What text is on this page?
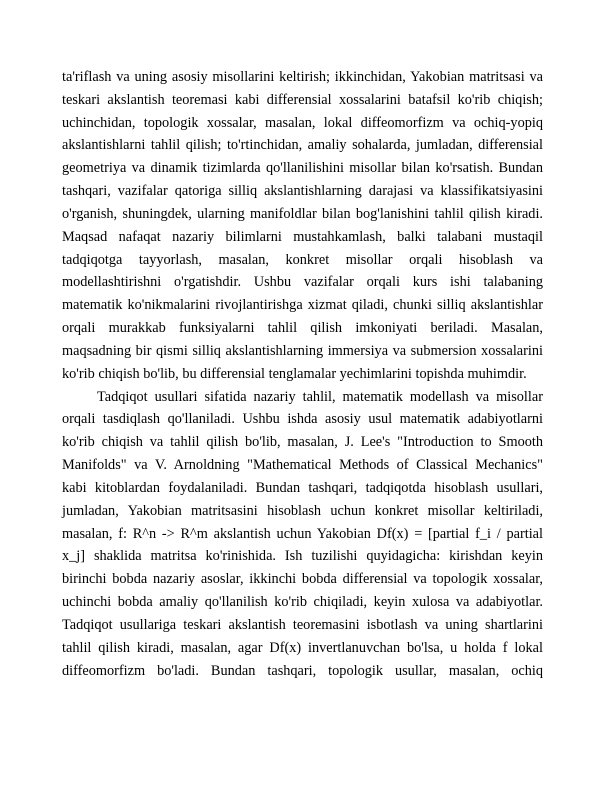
ta'riflash va uning asosiy misollarini keltirish; ikkinchidan, Yakobian matritsasi va
teskari akslantish teoremasi kabi differensial xossalarini batafsil ko'rib chiqish;
uchinchidan, topologik xossalar, masalan, lokal diffeomorfizm va ochiq-yopiq
akslantishlarni tahlil qilish; to'rtinchidan, amaliy sohalarda, jumladan, differensial
geometriya va dinamik tizimlarda qo'llanilishini misollar bilan ko'rsatish. Bundan
tashqari, vazifalar qatoriga silliq akslantishlarning darajasi va klassifikatsiyasini
o'rganish, shuningdek, ularning manifoldlar bilan bog'lanishini tahlil qilish kiradi.
Maqsad nafaqat nazariy bilimlarni mustahkamlash, balki talabani mustaqil
tadqiqotga tayyorlash, masalan, konkret misollar orqali hisoblash va
modellashtirishni o'rgatishdir. Ushbu vazifalar orqali kurs ishi talabaning
matematik ko'nikmalarini rivojlantirishga xizmat qiladi, chunki silliq akslantishlar
orqali murakkab funksiyalarni tahlil qilish imkoniyati beriladi. Masalan,
maqsadning bir qismi silliq akslantishlarning immersiya va submersion xossalarini
ko'rib chiqish bo'lib, bu differensial tenglamalar yechimlarini topishda muhimdir.
Tadqiqot usullari sifatida nazariy tahlil, matematik modellash va misollar
orqali tasdiqlash qo'llaniladi. Ushbu ishda asosiy usul matematik adabiyotlarni
ko'rib chiqish va tahlil qilish bo'lib, masalan, J. Lee's "Introduction to Smooth
Manifolds" va V. Arnoldning "Mathematical Methods of Classical Mechanics"
kabi kitoblardan foydalaniladi. Bundan tashqari, tadqiqotda hisoblash usullari,
jumladan, Yakobian matritsasini hisoblash uchun konkret misollar keltiriladi,
masalan, f: R^n -> R^m akslantish uchun Yakobian Df(x) = [partial f_i / partial
x_j] shaklida matritsa ko'rinishida. Ish tuzilishi quyidagicha: kirishdan keyin
birinchi bobda nazariy asoslar, ikkinchi bobda differensial va topologik xossalar,
uchinchi bobda amaliy qo'llanilish ko'rib chiqiladi, keyin xulosa va adabiyotlar.
Tadqiqot usullariga teskari akslantish teoremasini isbotlash va uning shartlarini
tahlil qilish kiradi, masalan, agar Df(x) invertlanuvchan bo'lsa, u holda f lokal
diffeomorfizm bo'ladi. Bundan tashqari, topologik usullar, masalan, ochiq
